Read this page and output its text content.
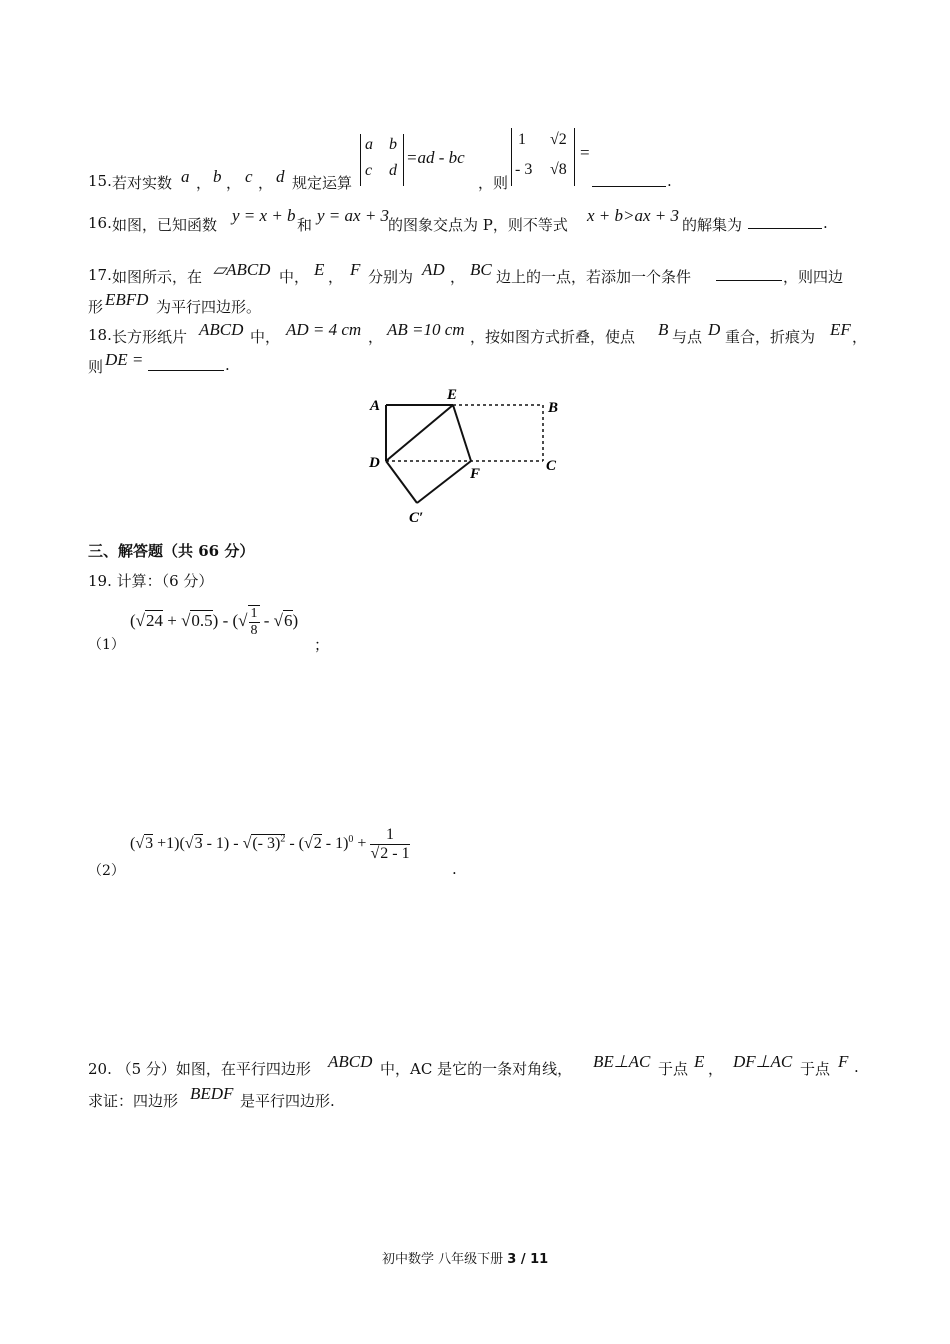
15. 若对实数 a ， b ， c ， d 规定运算
a b
c d
=ad - bc
，则
1 √2
- 3 √8
=
.
16. 如图，已知函数 y = x + b 和 y = ax + 3
的图象交点为 P，则不等式 x + b>ax + 3 的解集为	.
17. 如图所示，在 ▱ABCD 中， E ， F 分别为 AD ， BC 边上的一点，若添加一个条件	，则四边
形 EBFD 为平行四边形。
18. 长方形纸片 ABCD 中， AD = 4 cm ， AB =10 cm ，按如图方式折叠，使点 B 与点 D 重合，折痕为 EF ，
则 DE =	.
A
E
B
D
F	C
C′
三、解答题（共 66 分）
19. 计算：（6 分）
（1）
(√24 + √0.5) - (√ $\frac{1}{8} - √6$)
；
（2）
(√3 +1)(√3 - 1) - √(- $3)^2 - (√2 - 1)^0 + \frac{1}{√2 - 1}$
.
20. （5 分）如图，在平行四边形 ABCD 中，AC 是它的一条对角线， BE⊥AC 于点 E ， DF⊥AC 于点 F .
求证：四边形 BEDF 是平行四边形.
初中数学 八年级下册 3 / 11
